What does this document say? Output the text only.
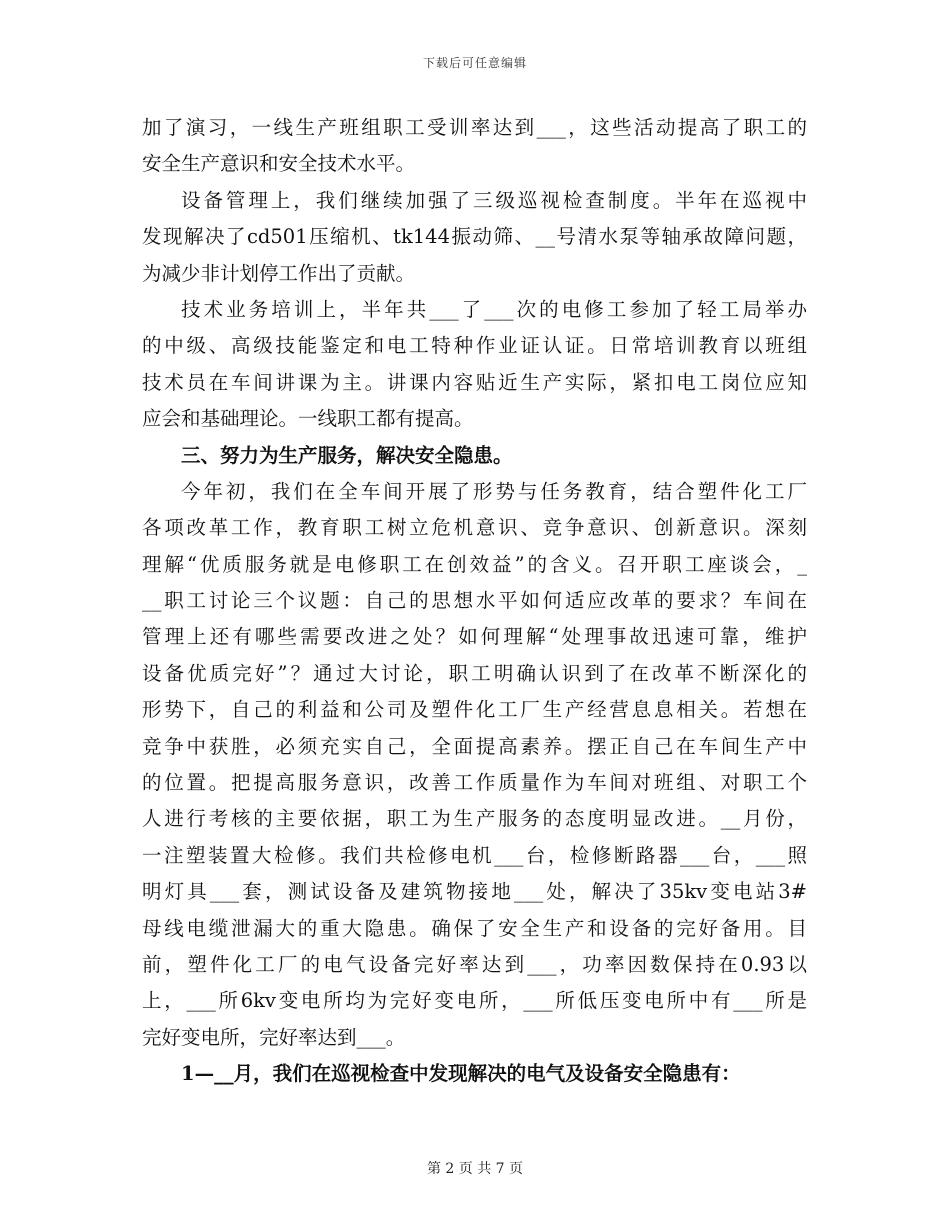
下载后可任意编辑
加了演习，一线生产班组职工受训率达到___，这些活动提高了职工的
安全生产意识和安全技术水平。
设备管理上，我们继续加强了三级巡视检查制度。半年在巡视中
发现解决了cd501压缩机、tk144振动筛、__号清水泵等轴承故障问题，
为减少非计划停工作出了贡献。
技术业务培训上，半年共___了___次的电修工参加了轻工局举办
的中级、高级技能鉴定和电工特种作业证认证。日常培训教育以班组
技术员在车间讲课为主。讲课内容贴近生产实际，紧扣电工岗位应知
应会和基础理论。一线职工都有提高。
三、努力为生产服务，解决安全隐患。
今年初，我们在全车间开展了形势与任务教育，结合塑件化工厂
各项改革工作，教育职工树立危机意识、竞争意识、创新意识。深刻
理解“优质服务就是电修职工在创效益”的含义。召开职工座谈会，_
__职工讨论三个议题：自己的思想水平如何适应改革的要求？车间在
管理上还有哪些需要改进之处？如何理解“处理事故迅速可靠，维护
设备优质完好”？通过大讨论，职工明确认识到了在改革不断深化的
形势下，自己的利益和公司及塑件化工厂生产经营息息相关。若想在
竞争中获胜，必须充实自己，全面提高素养。摆正自己在车间生产中
的位置。把提高服务意识，改善工作质量作为车间对班组、对职工个
人进行考核的主要依据，职工为生产服务的态度明显改进。__月份，
一注塑装置大检修。我们共检修电机___台，检修断路器___台，___照
明灯具___套，测试设备及建筑物接地___处，解决了35kv变电站3#
母线电缆泄漏大的重大隐患。确保了安全生产和设备的完好备用。目
前，塑件化工厂的电气设备完好率达到___，功率因数保持在0.93以
上，___所6kv变电所均为完好变电所，___所低压变电所中有___所是
完好变电所，完好率达到___。
1—__月，我们在巡视检查中发现解决的电气及设备安全隐患有：
第 2 页 共 7 页
